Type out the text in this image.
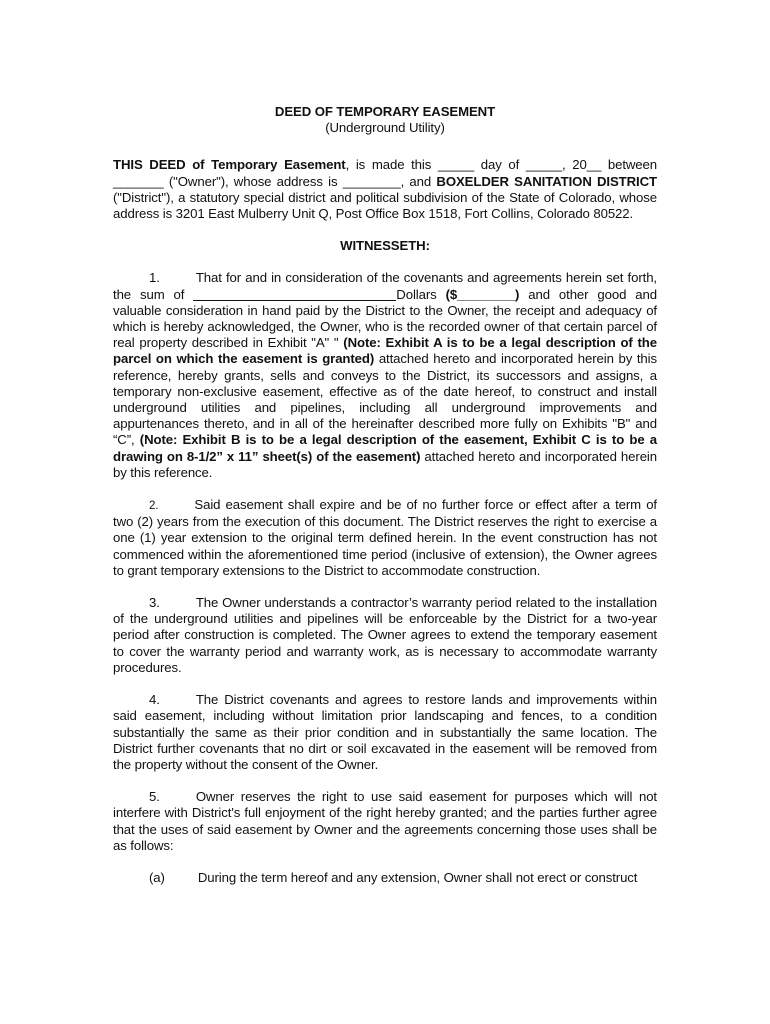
DEED OF TEMPORARY EASEMENT
(Underground Utility)

THIS DEED of Temporary Easement, is made this _____ day of _____, 20__ between _______ ("Owner"), whose address is ________, and BOXELDER SANITATION DISTRICT ("District"), a statutory special district and political subdivision of the State of Colorado, whose address is 3201 East Mulberry Unit Q, Post Office Box 1518, Fort Collins, Colorado 80522.

WITNESSETH:

1.	That for and in consideration of the covenants and agreements herein set forth, the sum of	Dollars ($________) and other good and valuable consideration in hand paid by the District to the Owner, the receipt and adequacy of which is hereby acknowledged, the Owner, who is the recorded owner of that certain parcel of real property described in Exhibit "A" " (Note: Exhibit A is to be a legal description of the parcel on which the easement is granted) attached hereto and incorporated herein by this reference, hereby grants, sells and conveys to the District, its successors and assigns, a temporary non-exclusive easement, effective as of the date hereof, to construct and install underground utilities and pipelines, including all underground improvements and appurtenances thereto, and in all of the hereinafter described more fully on Exhibits "B" and “C”, (Note: Exhibit B is to be a legal description of the easement, Exhibit C is to be a drawing on 8-1/2” x 11” sheet(s) of the easement) attached hereto and incorporated herein by this reference.

2.	Said easement shall expire and be of no further force or effect after a term of two (2) years from the execution of this document. The District reserves the right to exercise a one (1) year extension to the original term defined herein. In the event construction has not commenced within the aforementioned time period (inclusive of extension), the Owner agrees to grant temporary extensions to the District to accommodate construction.

3.	The Owner understands a contractor’s warranty period related to the installation of the underground utilities and pipelines will be enforceable by the District for a two-year period after construction is completed. The Owner agrees to extend the temporary easement to cover the warranty period and warranty work, as is necessary to accommodate warranty procedures.

4.	The District covenants and agrees to restore lands and improvements within said easement, including without limitation prior landscaping and fences, to a condition substantially the same as their prior condition and in substantially the same location. The District further covenants that no dirt or soil excavated in the easement will be removed from the property without the consent of the Owner.

5.	Owner reserves the right to use said easement for purposes which will not interfere with District's full enjoyment of the right hereby granted; and the parties further agree that the uses of said easement by Owner and the agreements concerning those uses shall be as follows:

(a)	During the term hereof and any extension, Owner shall not erect or construct
